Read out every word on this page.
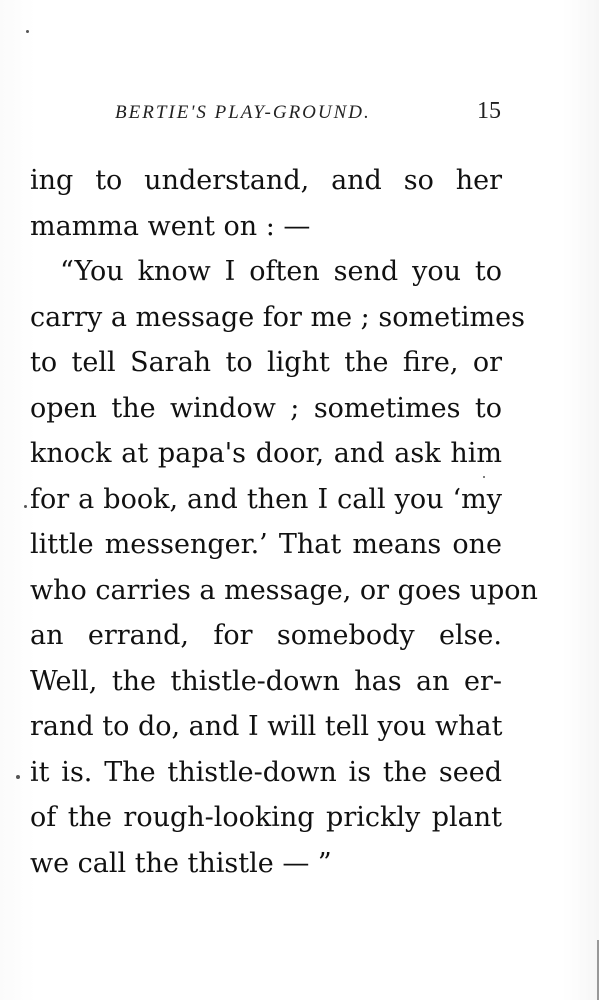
BERTIE'S PLAY-GROUND.	15
ing to understand, and so her
mamma went on : —
“You know I often send you to
carry a message for me ; sometimes
to tell Sarah to light the fire, or
open the window ; sometimes to
knock at papa's door, and ask him
for a book, and then I call you ‘my
little messenger.’ That means one
who carries a message, or goes upon
an errand, for somebody else.
Well, the thistle-down has an er-
rand to do, and I will tell you what
it is. The thistle-down is the seed
of the rough-looking prickly plant
we call the thistle — ”
